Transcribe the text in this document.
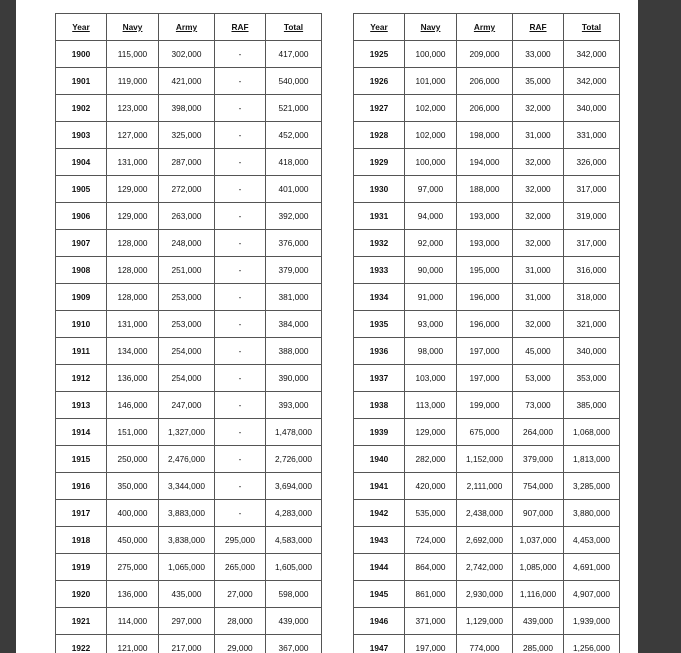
Year	Navy	Army	RAF	Total
1900	115,000	302,000	-	417,000
1901	119,000	421,000	-	540,000
1902	123,000	398,000	-	521,000
1903	127,000	325,000	-	452,000
1904	131,000	287,000	-	418,000
1905	129,000	272,000	-	401,000
1906	129,000	263,000	-	392,000
1907	128,000	248,000	-	376,000
1908	128,000	251,000	-	379,000
1909	128,000	253,000	-	381,000
1910	131,000	253,000	-	384,000
1911	134,000	254,000	-	388,000
1912	136,000	254,000	-	390,000
1913	146,000	247,000	-	393,000
1914	151,000	1,327,000	-	1,478,000
1915	250,000	2,476,000	-	2,726,000
1916	350,000	3,344,000	-	3,694,000
1917	400,000	3,883,000	-	4,283,000
1918	450,000	3,838,000	295,000	4,583,000
1919	275,000	1,065,000	265,000	1,605,000
1920	136,000	435,000	27,000	598,000
1921	114,000	297,000	28,000	439,000
1922	121,000	217,000	29,000	367,000
Year	Navy	Army	RAF	Total
1925	100,000	209,000	33,000	342,000
1926	101,000	206,000	35,000	342,000
1927	102,000	206,000	32,000	340,000
1928	102,000	198,000	31,000	331,000
1929	100,000	194,000	32,000	326,000
1930	97,000	188,000	32,000	317,000
1931	94,000	193,000	32,000	319,000
1932	92,000	193,000	32,000	317,000
1933	90,000	195,000	31,000	316,000
1934	91,000	196,000	31,000	318,000
1935	93,000	196,000	32,000	321,000
1936	98,000	197,000	45,000	340,000
1937	103,000	197,000	53,000	353,000
1938	113,000	199,000	73,000	385,000
1939	129,000	675,000	264,000	1,068,000
1940	282,000	1,152,000	379,000	1,813,000
1941	420,000	2,111,000	754,000	3,285,000
1942	535,000	2,438,000	907,000	3,880,000
1943	724,000	2,692,000	1,037,000	4,453,000
1944	864,000	2,742,000	1,085,000	4,691,000
1945	861,000	2,930,000	1,116,000	4,907,000
1946	371,000	1,129,000	439,000	1,939,000
1947	197,000	774,000	285,000	1,256,000
